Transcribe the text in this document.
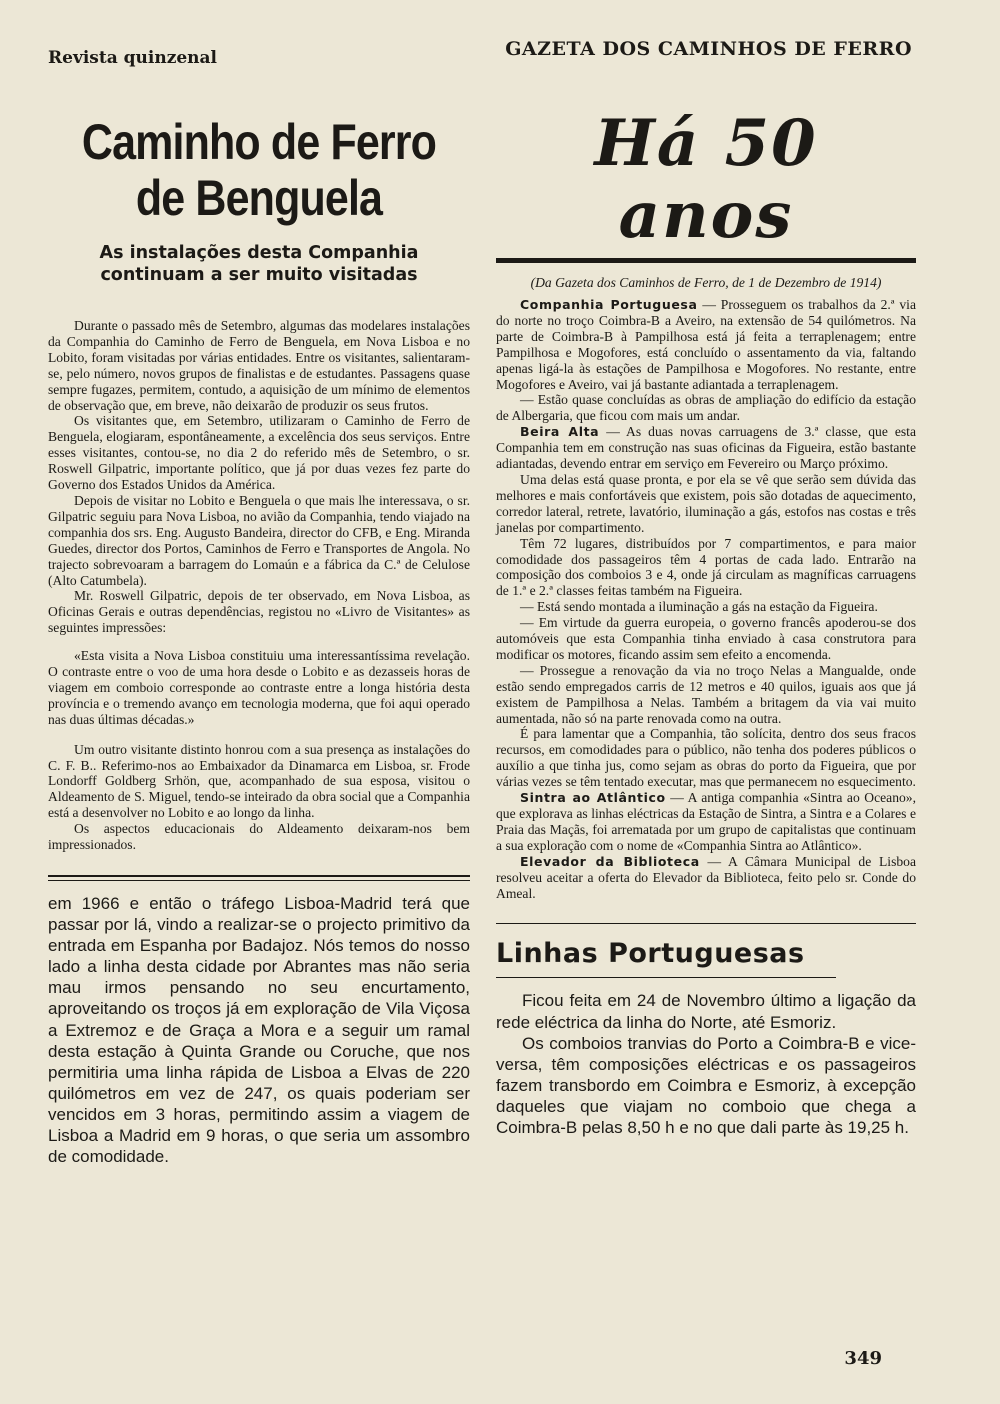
Revista quinzenal	GAZETA DOS CAMINHOS DE FERRO
Caminho de Ferro
de Benguela
As instalações desta Companhia
continuam a ser muito visitadas

Durante o passado mês de Setembro, algumas das modelares instalações da Companhia do Caminho de Ferro de Benguela, em Nova Lisboa e no Lobito, foram visitadas por várias entidades. Entre os visitantes, salientaram-se, pelo número, novos grupos de finalistas e de estudantes. Passagens quase sempre fugazes, permitem, contudo, a aquisição de um mínimo de elementos de observação que, em breve, não deixarão de produzir os seus frutos.

Os visitantes que, em Setembro, utilizaram o Caminho de Ferro de Benguela, elogiaram, espontâneamente, a excelência dos seus serviços. Entre esses visitantes, contou-se, no dia 2 do referido mês de Setembro, o sr. Roswell Gilpatric, importante político, que já por duas vezes fez parte do Governo dos Estados Unidos da América.

Depois de visitar no Lobito e Benguela o que mais lhe interessava, o sr. Gilpatric seguiu para Nova Lisboa, no avião da Companhia, tendo viajado na companhia dos srs. Eng. Augusto Bandeira, director do CFB, e Eng. Miranda Guedes, director dos Portos, Caminhos de Ferro e Transportes de Angola. No trajecto sobrevoaram a barragem do Lomaún e a fábrica da C.ª de Celulose (Alto Catumbela).

Mr. Roswell Gilpatric, depois de ter observado, em Nova Lisboa, as Oficinas Gerais e outras dependências, registou no «Livro de Visitantes» as seguintes impressões:

«Esta visita a Nova Lisboa constituiu uma interessantíssima revelação. O contraste entre o voo de uma hora desde o Lobito e as dezasseis horas de viagem em comboio corresponde ao contraste entre a longa história desta província e o tremendo avanço em tecnologia moderna, que foi aqui operado nas duas últimas décadas.»

Um outro visitante distinto honrou com a sua presença as instalações do C. F. B.. Referimo-nos ao Embaixador da Dinamarca em Lisboa, sr. Frode Londorff Goldberg Srhön, que, acompanhado de sua esposa, visitou o Aldeamento de S. Miguel, tendo-se inteirado da obra social que a Companhia está a desenvolver no Lobito e ao longo da linha.

Os aspectos educacionais do Aldeamento deixaram-nos bem impressionados.

em 1966 e então o tráfego Lisboa-Madrid terá que passar por lá, vindo a realizar-se o projecto primitivo da entrada em Espanha por Badajoz. Nós temos do nosso lado a linha desta cidade por Abrantes mas não seria mau irmos pensando no seu encurtamento, aproveitando os troços já em exploração de Vila Viçosa a Extremoz e de Graça a Mora e a seguir um ramal desta estação à Quinta Grande ou Coruche, que nos permitiria uma linha rápida de Lisboa a Elvas de 220 quilómetros em vez de 247, os quais poderiam ser vencidos em 3 horas, permitindo assim a viagem de Lisboa a Madrid em 9 horas, o que seria um assombro de comodidade.
Há 50 anos
(Da Gazeta dos Caminhos de Ferro, de 1 de Dezembro de 1914)

Companhia Portuguesa — Prosseguem os trabalhos da 2.ª via do norte no troço Coimbra-B a Aveiro, na extensão de 54 quilómetros. Na parte de Coimbra-B à Pampilhosa está já feita a terraplenagem; entre Pampilhosa e Mogofores, está concluído o assentamento da via, faltando apenas ligá-la às estações de Pampilhosa e Mogofores. No restante, entre Mogofores e Aveiro, vai já bastante adiantada a terraplenagem.

— Estão quase concluídas as obras de ampliação do edifício da estação de Albergaria, que ficou com mais um andar.

Beira Alta — As duas novas carruagens de 3.ª classe, que esta Companhia tem em construção nas suas oficinas da Figueira, estão bastante adiantadas, devendo entrar em serviço em Fevereiro ou Março próximo.

Uma delas está quase pronta, e por ela se vê que serão sem dúvida das melhores e mais confortáveis que existem, pois são dotadas de aquecimento, corredor lateral, retrete, lavatório, iluminação a gás, estofos nas costas e três janelas por compartimento.

Têm 72 lugares, distribuídos por 7 compartimentos, e para maior comodidade dos passageiros têm 4 portas de cada lado. Entrarão na composição dos comboios 3 e 4, onde já circulam as magníficas carruagens de 1.ª e 2.ª classes feitas também na Figueira.

— Está sendo montada a iluminação a gás na estação da Figueira.

— Em virtude da guerra europeia, o governo francês apoderou-se dos automóveis que esta Companhia tinha enviado à casa construtora para modificar os motores, ficando assim sem efeito a encomenda.

— Prossegue a renovação da via no troço Nelas a Mangualde, onde estão sendo empregados carris de 12 metros e 40 quilos, iguais aos que já existem de Pampilhosa a Nelas. Também a britagem da via vai muito aumentada, não só na parte renovada como na outra.

É para lamentar que a Companhia, tão solícita, dentro dos seus fracos recursos, em comodidades para o público, não tenha dos poderes públicos o auxílio a que tinha jus, como sejam as obras do porto da Figueira, que por várias vezes se têm tentado executar, mas que permanecem no esquecimento.

Sintra ao Atlântico — A antiga companhia «Sintra ao Oceano», que explorava as linhas eléctricas da Estação de Sintra, a Sintra e a Colares e Praia das Maçãs, foi arrematada por um grupo de capitalistas que continuam a sua exploração com o nome de «Companhia Sintra ao Atlântico».

Elevador da Biblioteca — A Câmara Municipal de Lisboa resolveu aceitar a oferta do Elevador da Biblioteca, feito pelo sr. Conde do Ameal.

Linhas Portuguesas

Ficou feita em 24 de Novembro último a ligação da rede eléctrica da linha do Norte, até Esmoriz.

Os comboios tranvias do Porto a Coimbra-B e vice-versa, têm composições eléctricas e os passageiros fazem transbordo em Coimbra e Esmoriz, à excepção daqueles que viajam no comboio que chega a Coimbra-B pelas 8,50 h e no que dali parte às 19,25 h.

349
